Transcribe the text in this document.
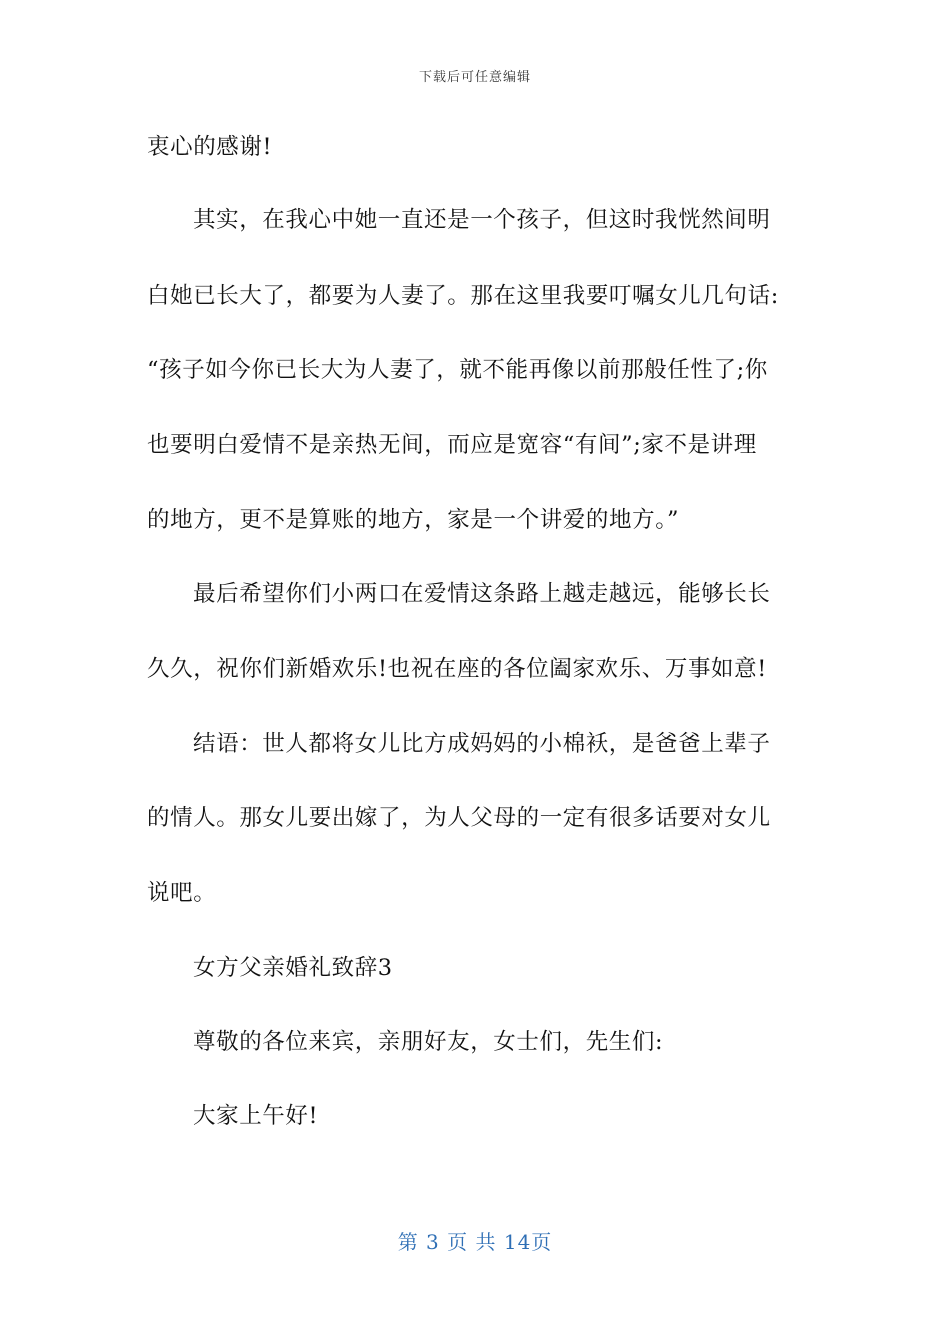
下载后可任意编辑
衷心的感谢!
其实，在我心中她一直还是一个孩子，但这时我恍然间明
白她已长大了，都要为人妻了。那在这里我要叮嘱女儿几句话:
“孩子如今你已长大为人妻了，就不能再像以前那般任性了;你
也要明白爱情不是亲热无间，而应是宽容“有间”;家不是讲理
的地方，更不是算账的地方，家是一个讲爱的地方。”
最后希望你们小两口在爱情这条路上越走越远，能够长长
久久，祝你们新婚欢乐!也祝在座的各位阖家欢乐、万事如意!
结语：世人都将女儿比方成妈妈的小棉袄，是爸爸上辈子
的情人。那女儿要出嫁了，为人父母的一定有很多话要对女儿
说吧。
女方父亲婚礼致辞3
尊敬的各位来宾，亲朋好友，女士们，先生们:
大家上午好!
第 3 页 共 14页
